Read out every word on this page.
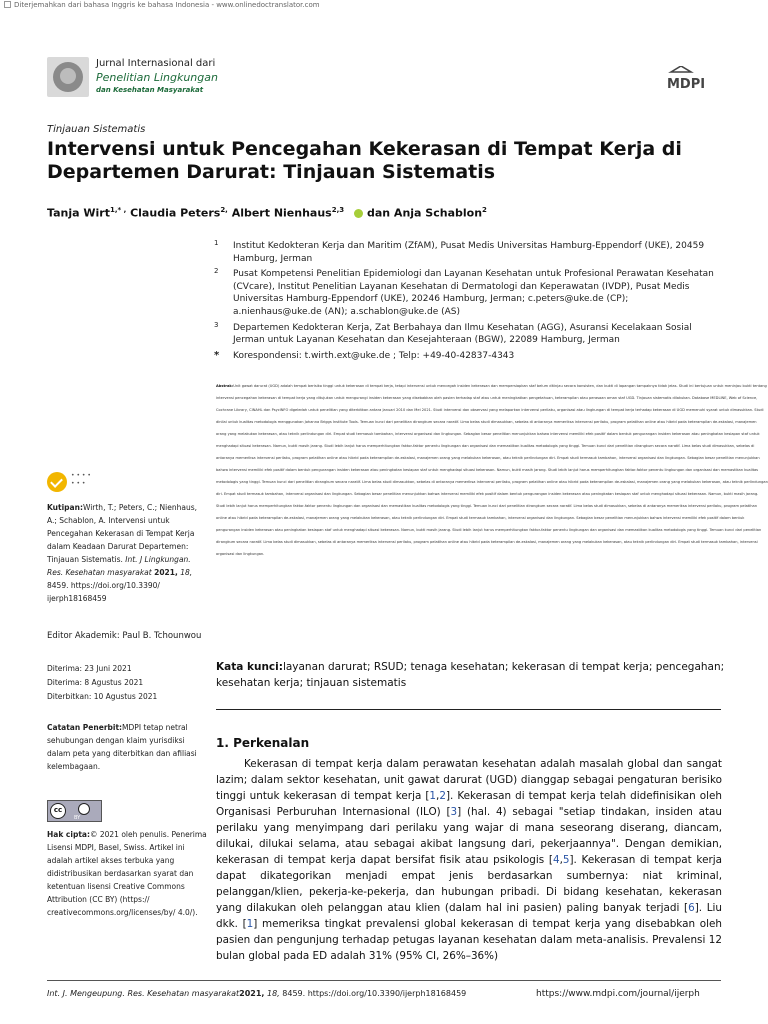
Diterjemahkan dari bahasa Inggris ke bahasa Indonesia - www.onlinedoctranslator.com
Jurnal Internasional dari
Penelitian Lingkungan
dan Kesehatan Masyarakat	MDPI
Tinjauan Sistematis
Intervensi untuk Pencegahan Kekerasan di Tempat Kerja di Departemen Darurat: Tinjauan Sistematis
Tanja Wirt$^{1,* ,}$ Claudia Peters$^{2,}$ Albert Nienhaus$^{2,3}$ dan Anja Schablon$^2$
1 Institut Kedokteran Kerja dan Maritim (ZfAM), Pusat Medis Universitas Hamburg-Eppendorf (UKE), 20459 Hamburg, Jerman
2 Pusat Kompetensi Penelitian Epidemiologi dan Layanan Kesehatan untuk Profesional Perawatan Kesehatan (CVcare), Institut Penelitian Layanan Kesehatan di Dermatologi dan Keperawatan (IVDP), Pusat Medis Universitas Hamburg-Eppendorf (UKE), 20246 Hamburg, Jerman; c.peters@uke.de (CP); a.nienhaus@uke.de (AN); a.schablon@uke.de (AS)
3 Departemen Kedokteran Kerja, Zat Berbahaya dan Ilmu Kesehatan (AGG), Asuransi Kecelakaan Sosial Jerman untuk Layanan Kesehatan dan Kesejahteraan (BGW), 22089 Hamburg, Jerman
* Korespondensi: t.wirth.ext@uke.de ; Telp: +49-40-42837-4343
Abstrak:Unit gawat darurat (UGD) adalah tempat berisiko tinggi untuk kekerasan di tempat kerja, tetapi intervensi untuk mencegah insiden kekerasan dan mempersiapkan staf belum ditinjau secara konsisten, dan bukti di lapangan tampaknya tidak jelas. Studi ini bertujuan untuk meninjau bukti tentang intervensi pencegahan kekerasan di tempat kerja yang ditujukan untuk mengurangi insiden kekerasan yang disebabkan oleh pasien terhadap staf atau untuk meningkatkan pengetahuan, keterampilan atau perasaan aman staf UGD. Tinjauan sistematis dilakukan. Database MEDLINE, Web of Science, Cochrane Library, CINAHL dan PsycINFO digeledah untuk penelitian yang diterbitkan antara Januari 2010 dan Mei 2021. Studi intervensi dan observasi yang melaporkan intervensi perilaku, organisasi atau lingkungan di tempat kerja terhadap kekerasan di UGD memenuhi syarat untuk dimasukkan. Studi dinilai untuk kualitas metodologis menggunakan Johanna Briggs Institute Tools. Temuan kunci dari penelitian dirangkum secara naratif. Lima belas studi dimasukkan, sebelas di antaranya memeriksa intervensi perilaku, program pelatihan online atau hibrid pada keterampilan de-eskalasi, manajemen orang yang melakukan kekerasan, atau teknik perlindungan diri. Empat studi termasuk tambahan, intervensi organisasi dan lingkungan. Sebagian besar penelitian menunjukkan bahwa intervensi memiliki efek positif dalam bentuk pengurangan insiden kekerasan atau peningkatan kesiapan staf untuk menghadapi situasi kekerasan. Namun, bukti masih jarang. Studi lebih lanjut harus memperhitungkan faktor-faktor penentu lingkungan dan organisasi dan memastikan kualitas metodologis yang tinggi. Temuan kunci dari penelitian dirangkum secara naratif. Lima belas studi dimasukkan, sebelas di antaranya memeriksa intervensi perilaku, program pelatihan online atau hibrid pada keterampilan de-eskalasi, manajemen orang yang melakukan kekerasan, atau teknik perlindungan diri. Empat studi termasuk tambahan, intervensi organisasi dan lingkungan. Sebagian besar penelitian menunjukkan bahwa intervensi memiliki efek positif dalam bentuk pengurangan insiden kekerasan atau peningkatan kesiapan staf untuk menghadapi situasi kekerasan. Namun, bukti masih jarang. Studi lebih lanjut harus memperhitungkan faktor-faktor penentu lingkungan dan organisasi dan memastikan kualitas metodologis yang tinggi. Temuan kunci dari penelitian dirangkum secara naratif. Lima belas studi dimasukkan, sebelas di antaranya memeriksa intervensi perilaku, program pelatihan online atau hibrid pada keterampilan de-eskalasi, manajemen orang yang melakukan kekerasan, atau teknik perlindungan diri. Empat studi termasuk tambahan, intervensi organisasi dan lingkungan. Sebagian besar penelitian menunjukkan bahwa intervensi memiliki efek positif dalam bentuk pengurangan insiden kekerasan atau peningkatan kesiapan staf untuk menghadapi situasi kekerasan. Namun, bukti masih jarang. Studi lebih lanjut harus memperhitungkan faktor-faktor penentu lingkungan dan organisasi dan memastikan kualitas metodologis yang tinggi. Temuan kunci dari penelitian dirangkum secara naratif. Lima belas studi dimasukkan, sebelas di antaranya memeriksa intervensi perilaku, program pelatihan online atau hibrid pada keterampilan de-eskalasi, manajemen orang yang melakukan kekerasan, atau teknik perlindungan diri. Empat studi termasuk tambahan, intervensi organisasi dan lingkungan. Sebagian besar penelitian menunjukkan bahwa intervensi memiliki efek positif dalam bentuk pengurangan insiden kekerasan atau peningkatan kesiapan staf untuk menghadapi situasi kekerasan. Namun, bukti masih jarang. Studi lebih lanjut harus memperhitungkan faktor-faktor penentu lingkungan dan organisasi dan memastikan kualitas metodologis yang tinggi. Temuan kunci dari penelitian dirangkum secara naratif. Lima belas studi dimasukkan, sebelas di antaranya memeriksa intervensi perilaku, program pelatihan online atau hibrid pada keterampilan de-eskalasi, manajemen orang yang melakukan kekerasan, atau teknik perlindungan diri. Empat studi termasuk tambahan, intervensi organisasi dan lingkungan.
• • • •
• • •
Kutipan:Wirth, T.; Peters, C.; Nienhaus, A.; Schablon, A. Intervensi untuk Pencegahan Kekerasan di Tempat Kerja dalam Keadaan Darurat Departemen: Tinjauan Sistematis. Int. J Lingkungan. Res. Kesehatan masyarakat 2021, 18, 8459. https://doi.org/10.3390/ ijerph18168459
Editor Akademik: Paul B. Tchounwou
Diterima: 23 Juni 2021
Diterima: 8 Agustus 2021
Diterbitkan: 10 Agustus 2021
Catatan Penerbit:MDPI tetap netral sehubungan dengan klaim yurisdiksi dalam peta yang diterbitkan dan afiliasi kelembagaan.
cc
BY
Hak cipta:© 2021 oleh penulis. Penerima Lisensi MDPI, Basel, Swiss. Artikel ini adalah artikel akses terbuka yang didistribusikan berdasarkan syarat dan ketentuan lisensi Creative Commons Attribution (CC BY) (https:// creativecommons.org/licenses/by/ 4.0/).
Kata kunci:layanan darurat; RSUD; tenaga kesehatan; kekerasan di tempat kerja; pencegahan; kesehatan kerja; tinjauan sistematis
1. Perkenalan
Kekerasan di tempat kerja dalam perawatan kesehatan adalah masalah global dan sangat lazim; dalam sektor kesehatan, unit gawat darurat (UGD) dianggap sebagai pengaturan berisiko tinggi untuk kekerasan di tempat kerja [1,2]. Kekerasan di tempat kerja telah didefinisikan oleh Organisasi Perburuhan Internasional (ILO) [3] (hal. 4) sebagai "setiap tindakan, insiden atau perilaku yang menyimpang dari perilaku yang wajar di mana seseorang diserang, diancam, dilukai, dilukai selama, atau sebagai akibat langsung dari, pekerjaannya". Dengan demikian, kekerasan di tempat kerja dapat bersifat fisik atau psikologis [4,5]. Kekerasan di tempat kerja dapat dikategorikan menjadi empat jenis berdasarkan sumbernya: niat kriminal, pelanggan/klien, pekerja-ke-pekerja, dan hubungan pribadi. Di bidang kesehatan, kekerasan yang dilakukan oleh pelanggan atau klien (dalam hal ini pasien) paling banyak terjadi [6]. Liu dkk. [1] memeriksa tingkat prevalensi global kekerasan di tempat kerja yang disebabkan oleh pasien dan pengunjung terhadap petugas layanan kesehatan dalam meta-analisis. Prevalensi 12 bulan global pada ED adalah 31% (95% CI, 26%–36%)
Int. J. Mengeupung. Res. Kesehatan masyarakat2021, 18, 8459. https://doi.org/10.3390/ijerph18168459	https://www.mdpi.com/journal/ijerph
